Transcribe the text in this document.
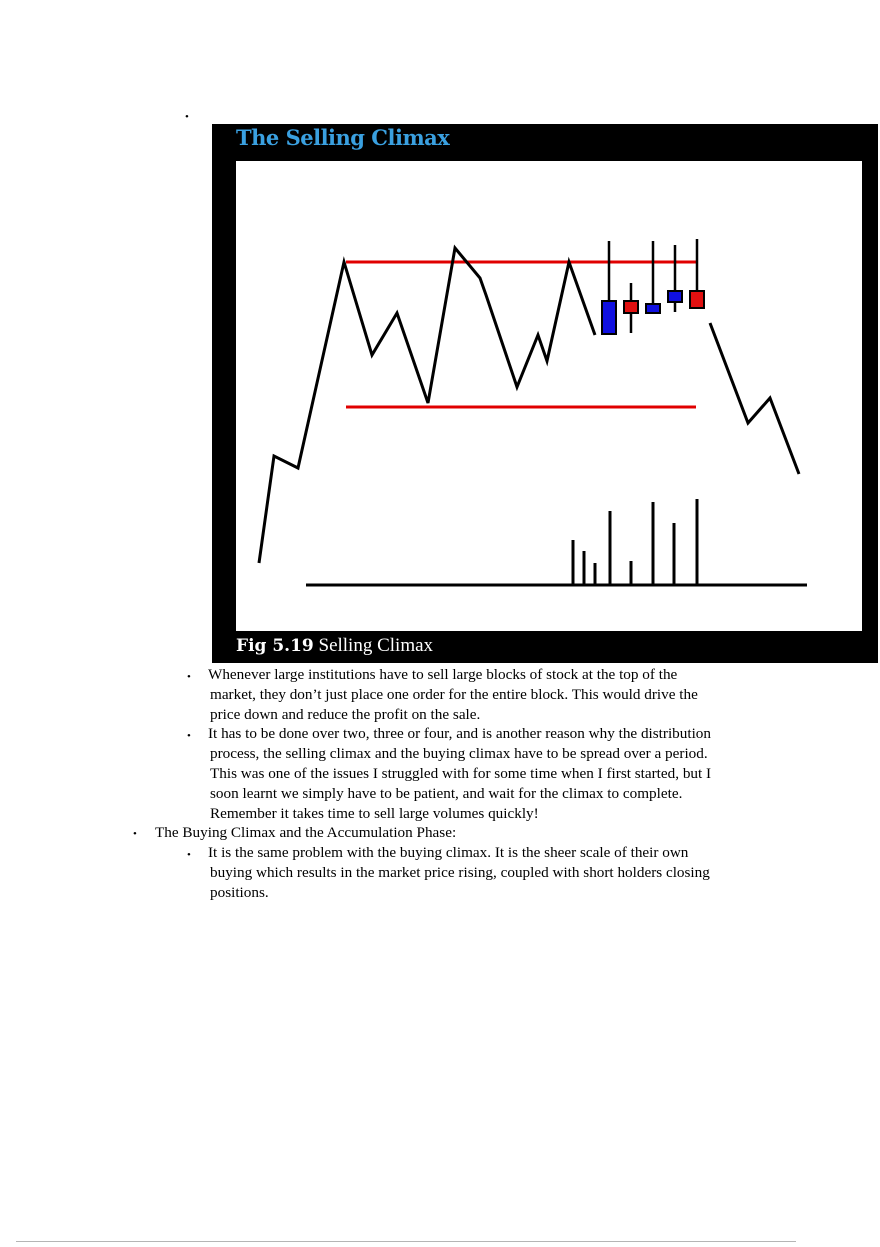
•
The Selling Climax
Fig 5.19 Selling Climax
• Whenever large institutions have to sell large blocks of stock at the top of the
market, they don’t just place one order for the entire block. This would drive the
price down and reduce the profit on the sale.
• It has to be done over two, three or four, and is another reason why the distribution
process, the selling climax and the buying climax have to be spread over a period.
This was one of the issues I struggled with for some time when I first started, but I
soon learnt we simply have to be patient, and wait for the climax to complete.
Remember it takes time to sell large volumes quickly!
• The Buying Climax and the Accumulation Phase:
• It is the same problem with the buying climax. It is the sheer scale of their own
buying which results in the market price rising, coupled with short holders closing
positions.
